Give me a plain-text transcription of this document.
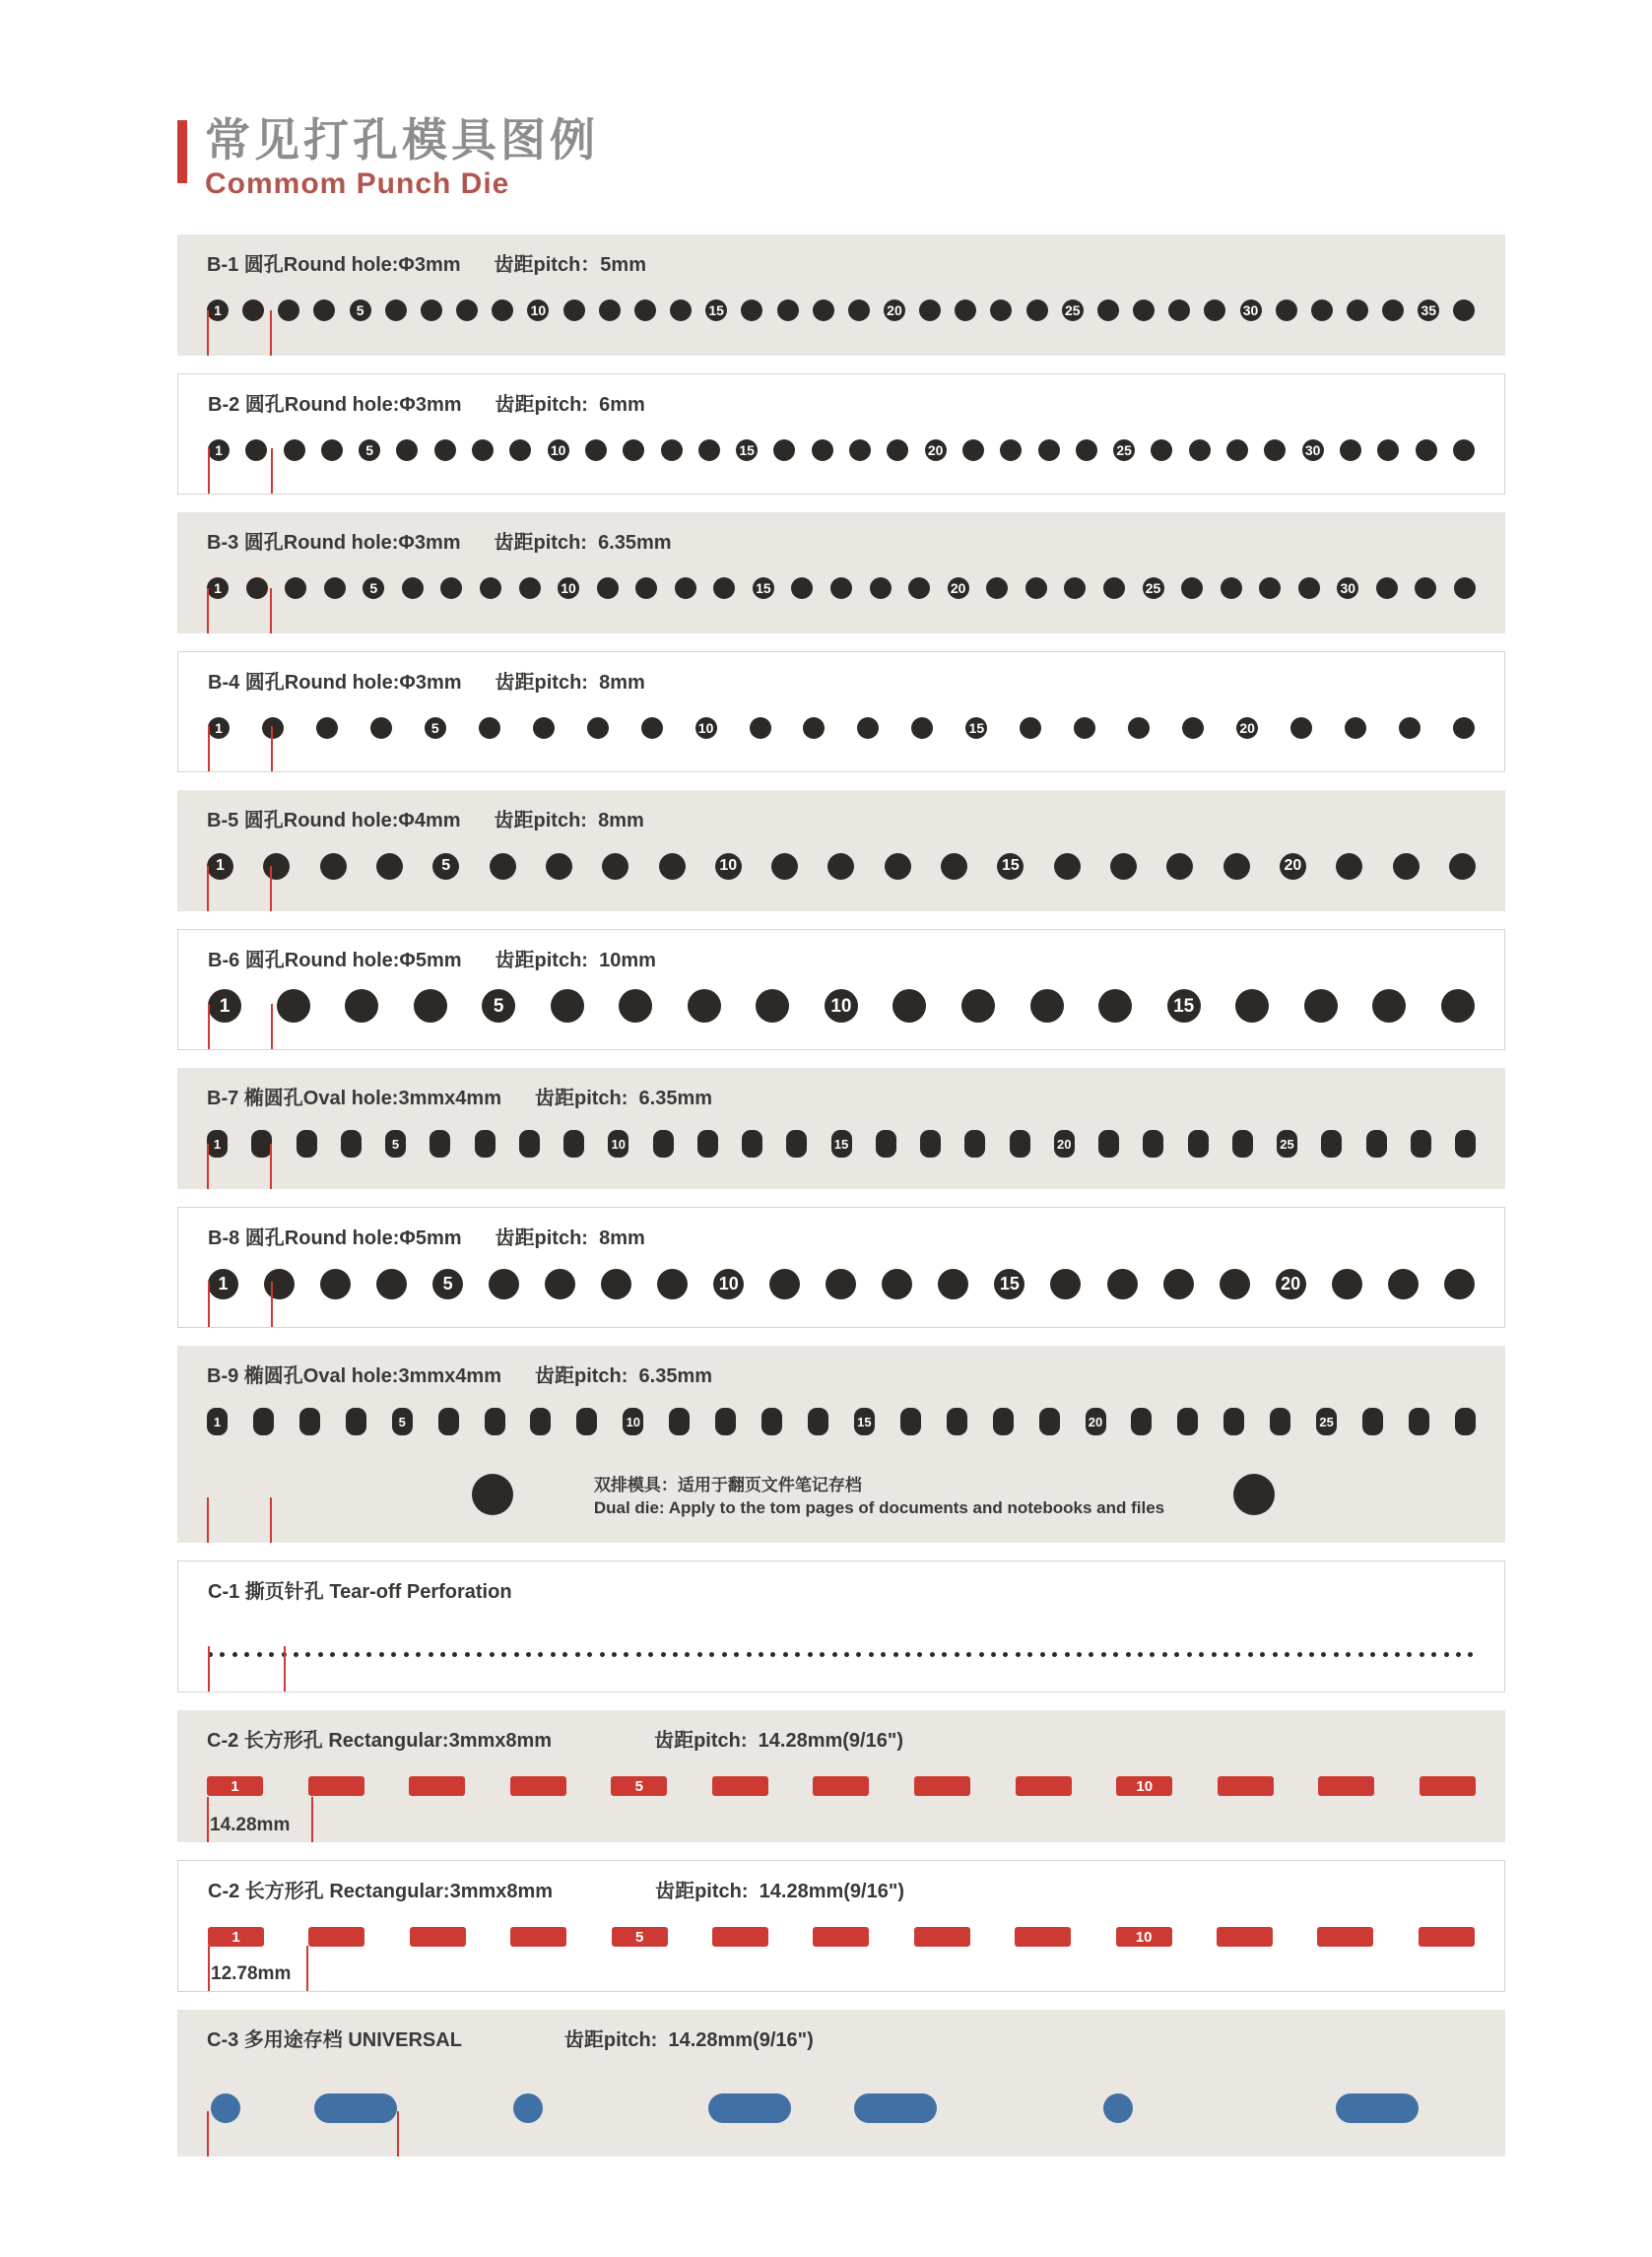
常见打孔模具图例
Commom Punch Die
B-1 圆孔Round hole:Φ3mm 齿距pitch：5mm
1	5	10	15	20	25	30	35
B-2 圆孔Round hole:Φ3mm 齿距pitch:  6mm
1	5	10	15	20	25	30
B-3 圆孔Round hole:Φ3mm 齿距pitch:  6.35mm
1	5	10	15	20	25	30
B-4 圆孔Round hole:Φ3mm 齿距pitch:  8mm
1	5	10	15	20
B-5 圆孔Round hole:Φ4mm 齿距pitch:  8mm
1	5	10	15	20
B-6 圆孔Round hole:Φ5mm 齿距pitch:  10mm
1	5	10	15
B-7 椭圆孔Oval hole:3mmx4mm 齿距pitch:  6.35mm
1	5	10	15	20	25
B-8 圆孔Round hole:Φ5mm 齿距pitch:  8mm
1	5	10	15	20
B-9 椭圆孔Oval hole:3mmx4mm 齿距pitch:  6.35mm
1	5	10	15	20	25
双排模具：适用于翻页文件笔记存档
Dual die: Apply to the tom pages of documents and notebooks and files
C-1 撕页针孔 Tear-off Perforation
C-2 长方形孔 Rectangular:3mmx8mm	齿距pitch:  14.28mm(9/16")
1	5	10
14.28mm
C-2 长方形孔 Rectangular:3mmx8mm	齿距pitch:  14.28mm(9/16")
1	5	10
12.78mm
C-3 多用途存档 UNIVERSAL	齿距pitch:  14.28mm(9/16")
